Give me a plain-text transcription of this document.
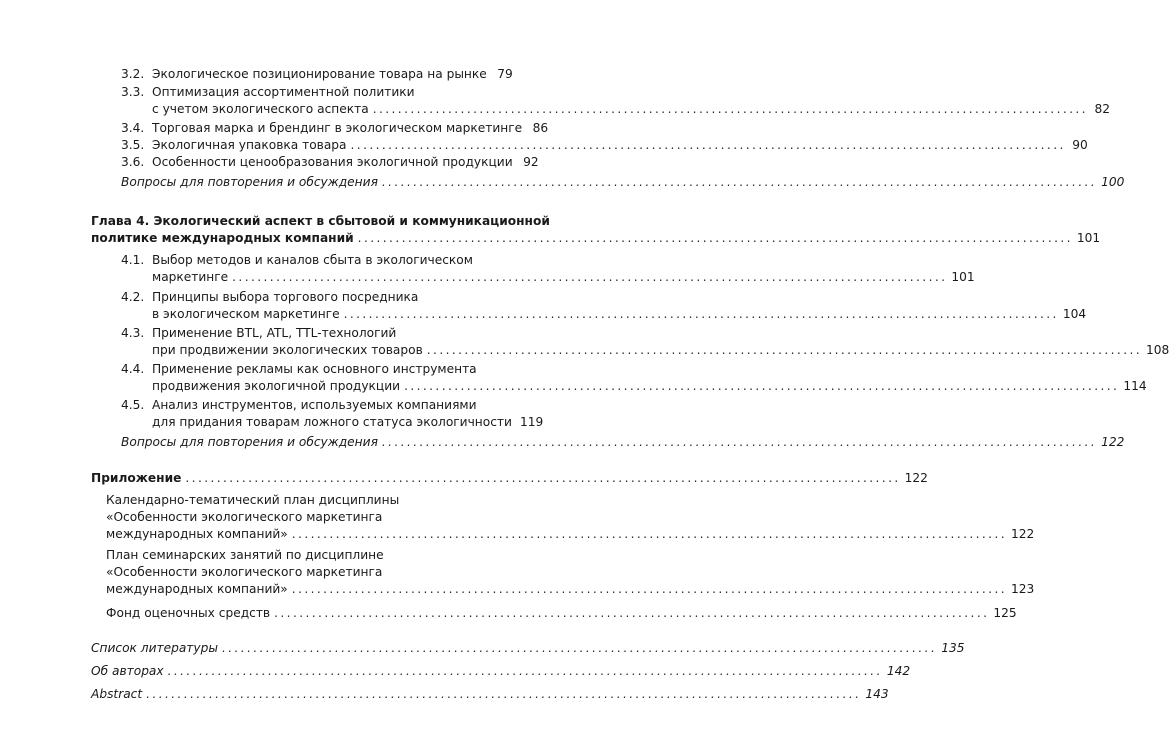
3.2. Экологическое позиционирование товара на рынке 79
3.3. Оптимизация ассортиментной политики
с учетом экологического аспекта .................................................................................................................. 82
3.4. Торговая марка и брендинг в экологическом маркетинге 86
3.5. Экологичная упаковка товара .................................................................................................................. 90
3.6. Особенности ценообразования экологичной продукции 92
Вопросы для повторения и обсуждения .................................................................................................................. 100
Глава 4. Экологический аспект в сбытовой и коммуникационной
политике международных компаний .................................................................................................................. 101
4.1. Выбор методов и каналов сбыта в экологическом
маркетинге .................................................................................................................. 101
4.2. Принципы выбора торгового посредника
в экологическом маркетинге .................................................................................................................. 104
4.3. Применение BTL, ATL, TTL-технологий
при продвижении экологических товаров .................................................................................................................. 108
4.4. Применение рекламы как основного инструмента
продвижения экологичной продукции .................................................................................................................. 114
4.5. Анализ инструментов, используемых компаниями
для придания товарам ложного статуса экологичности 119
Вопросы для повторения и обсуждения .................................................................................................................. 122
Приложение .................................................................................................................. 122
Календарно-тематический план дисциплины
«Особенности экологического маркетинга
международных компаний» .................................................................................................................. 122
План семинарских занятий по дисциплине
«Особенности экологического маркетинга
международных компаний» .................................................................................................................. 123
Фонд оценочных средств .................................................................................................................. 125
Список литературы .................................................................................................................. 135
Об авторах .................................................................................................................. 142
Abstract .................................................................................................................. 143
